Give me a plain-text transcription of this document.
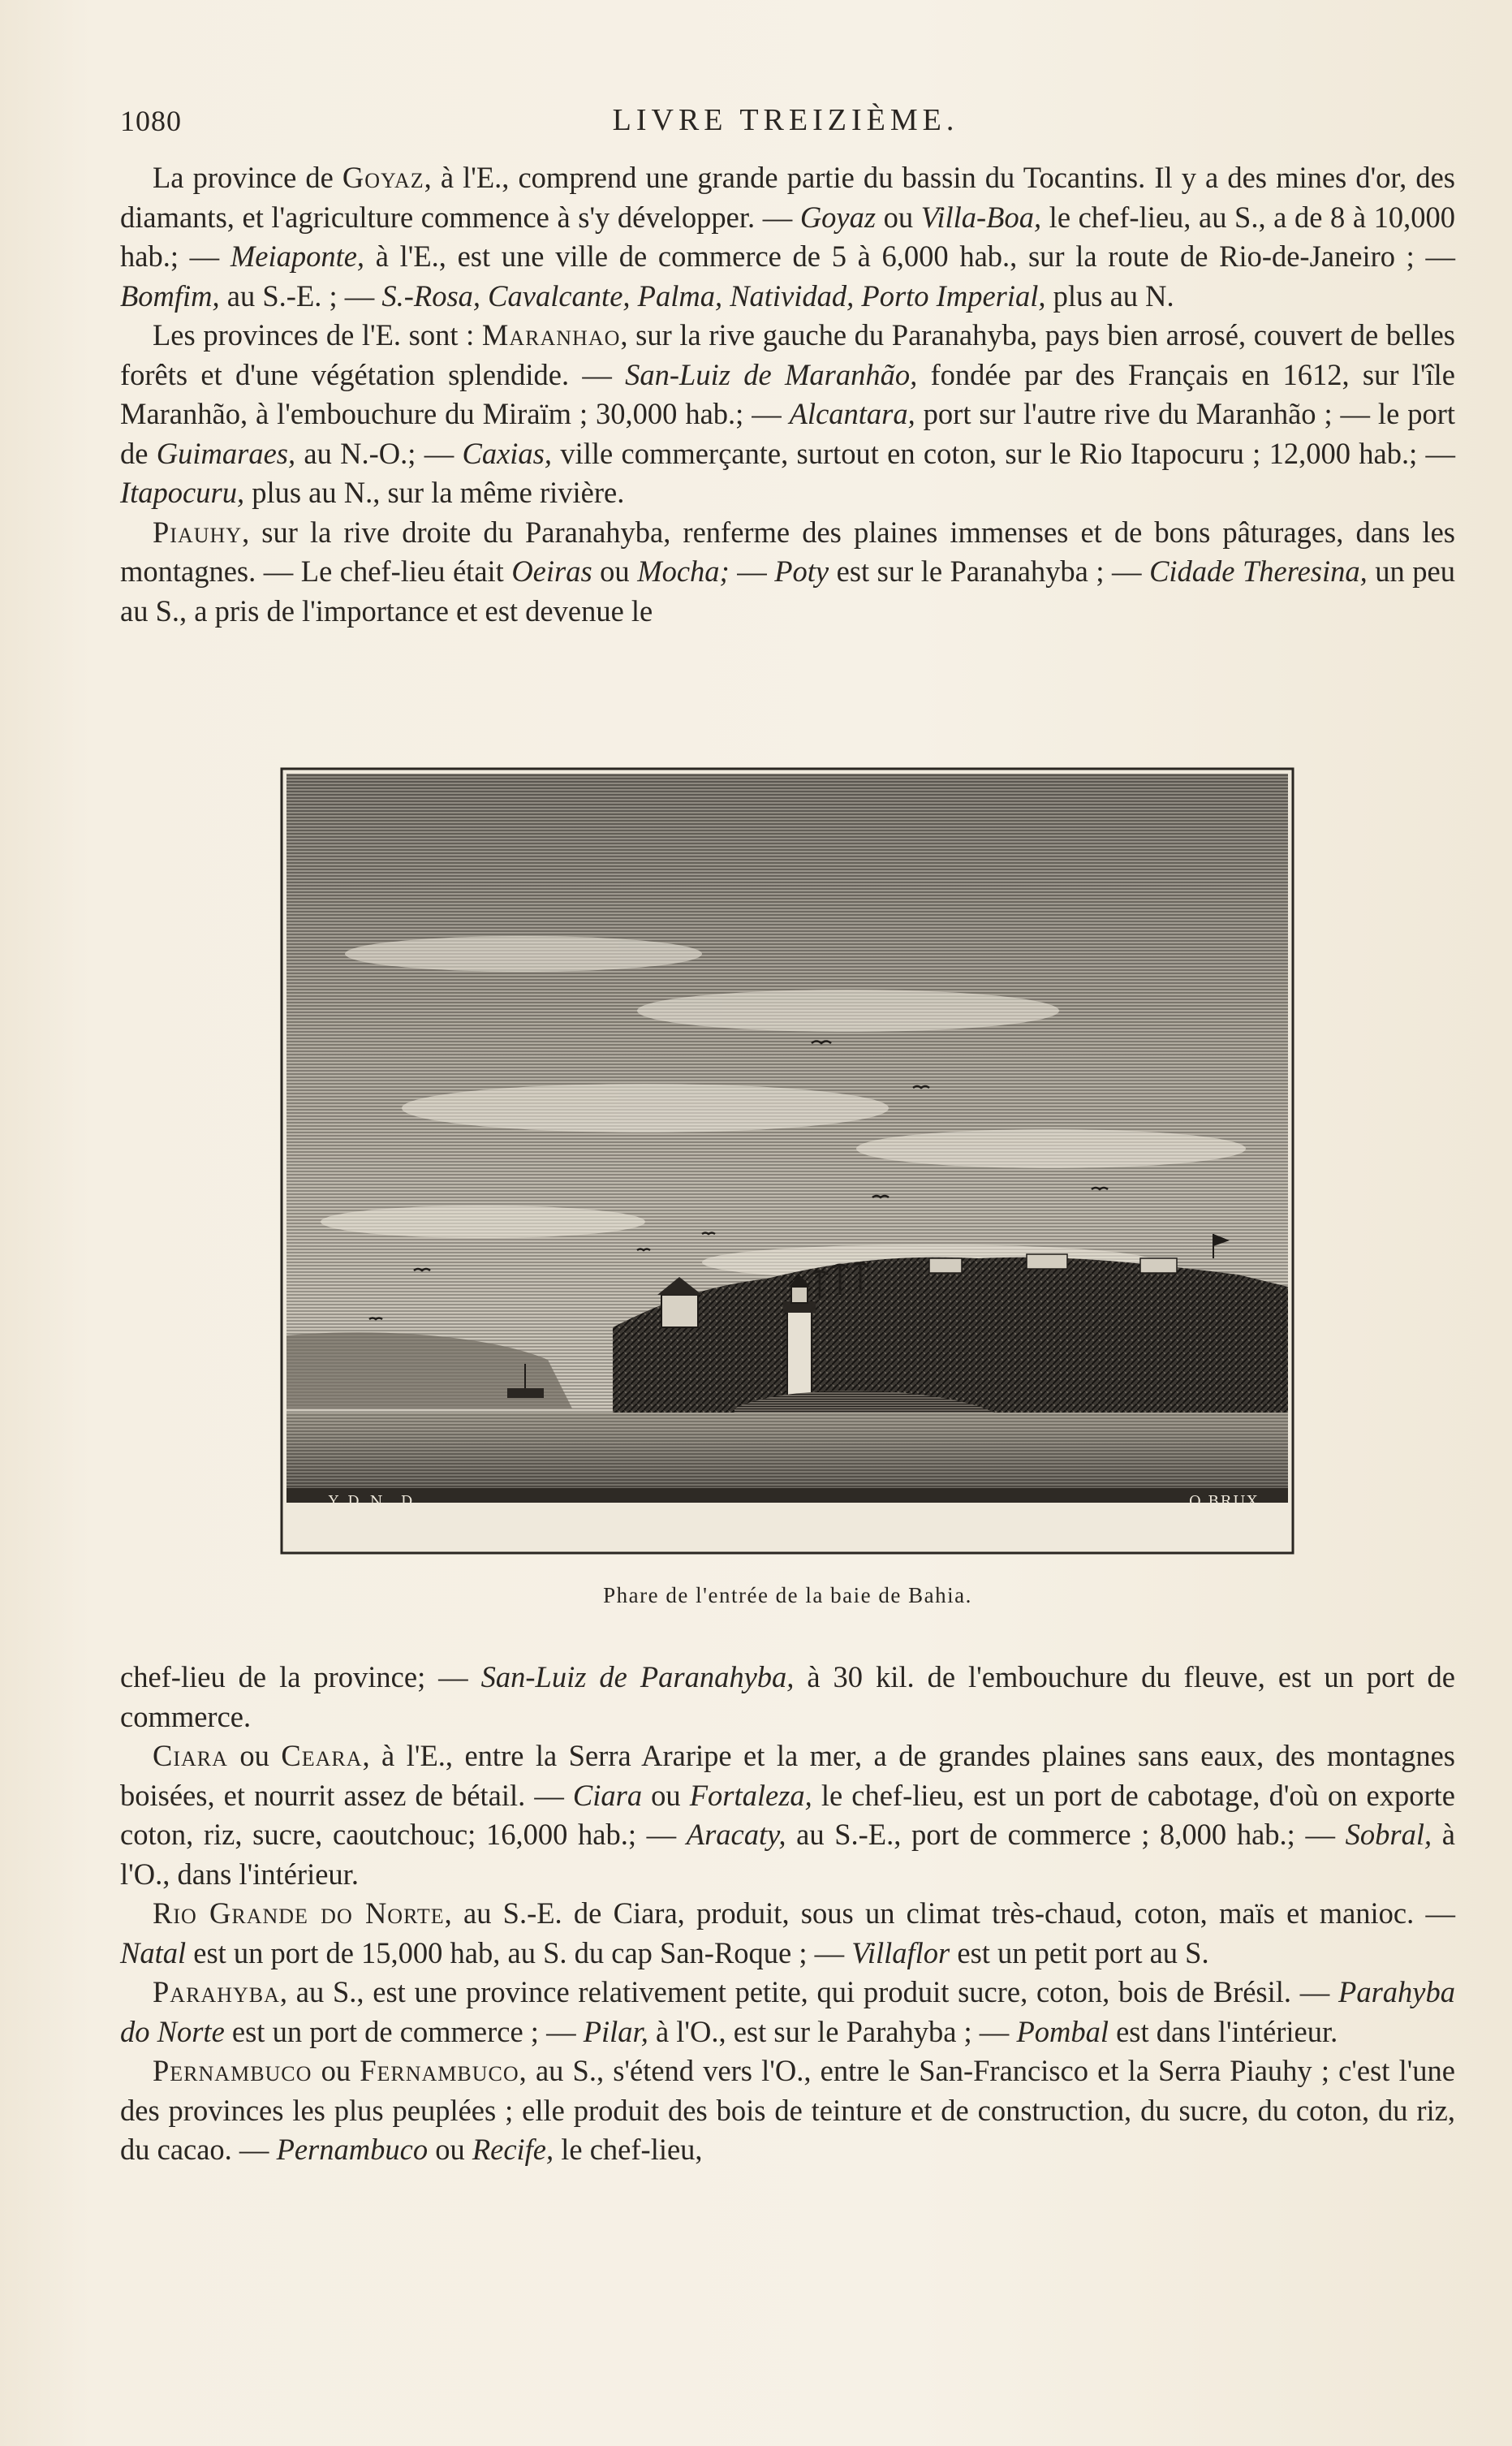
1080	LIVRE TREIZIÈME.

La province de Goyaz, à l'E., comprend une grande partie du bassin du Tocantins. Il y a des mines d'or, des diamants, et l'agriculture commence à s'y développer. — Goyaz ou Villa-Boa, le chef-lieu, au S., a de 8 à 10,000 hab.; — Meiaponte, à l'E., est une ville de commerce de 5 à 6,000 hab., sur la route de Rio-de-Janeiro ; — Bomfim, au S.-E. ; — S.-Rosa, Cavalcante, Palma, Natividad, Porto Imperial, plus au N.

Les provinces de l'E. sont : Maranhao, sur la rive gauche du Paranahyba, pays bien arrosé, couvert de belles forêts et d'une végétation splendide. — San-Luiz de Maranhão, fondée par des Français en 1612, sur l'île Maranhão, à l'embouchure du Miraïm ; 30,000 hab.; — Alcantara, port sur l'autre rive du Maranhão ; — le port de Guimaraes, au N.-O.; — Caxias, ville commerçante, surtout en coton, sur le Rio Itapocuru ; 12,000 hab.; — Itapocuru, plus au N., sur la même rivière.

Piauhy, sur la rive droite du Paranahyba, renferme des plaines immenses et de bons pâturages, dans les montagnes. — Le chef-lieu était Oeiras ou Mocha; — Poty est sur le Paranahyba ; — Cidade Theresina, un peu au S., a pris de l'importance et est devenue le

Y.D.N. D	O.BRUX
Phare de l'entrée de la baie de Bahia.

chef-lieu de la province; — San-Luiz de Paranahyba, à 30 kil. de l'embouchure du fleuve, est un port de commerce.

Ciara ou Ceara, à l'E., entre la Serra Araripe et la mer, a de grandes plaines sans eaux, des montagnes boisées, et nourrit assez de bétail. — Ciara ou Fortaleza, le chef-lieu, est un port de cabotage, d'où on exporte coton, riz, sucre, caoutchouc; 16,000 hab.; — Aracaty, au S.-E., port de commerce ; 8,000 hab.; — Sobral, à l'O., dans l'intérieur.

Rio Grande do Norte, au S.-E. de Ciara, produit, sous un climat très-chaud, coton, maïs et manioc. — Natal est un port de 15,000 hab, au S. du cap San-Roque ; — Villaflor est un petit port au S.

Parahyba, au S., est une province relativement petite, qui produit sucre, coton, bois de Brésil. — Parahyba do Norte est un port de commerce ; — Pilar, à l'O., est sur le Parahyba ; — Pombal est dans l'intérieur.

Pernambuco ou Fernambuco, au S., s'étend vers l'O., entre le San-Francisco et la Serra Piauhy ; c'est l'une des provinces les plus peuplées ; elle produit des bois de teinture et de construction, du sucre, du coton, du riz, du cacao. — Pernambuco ou Recife, le chef-lieu,
